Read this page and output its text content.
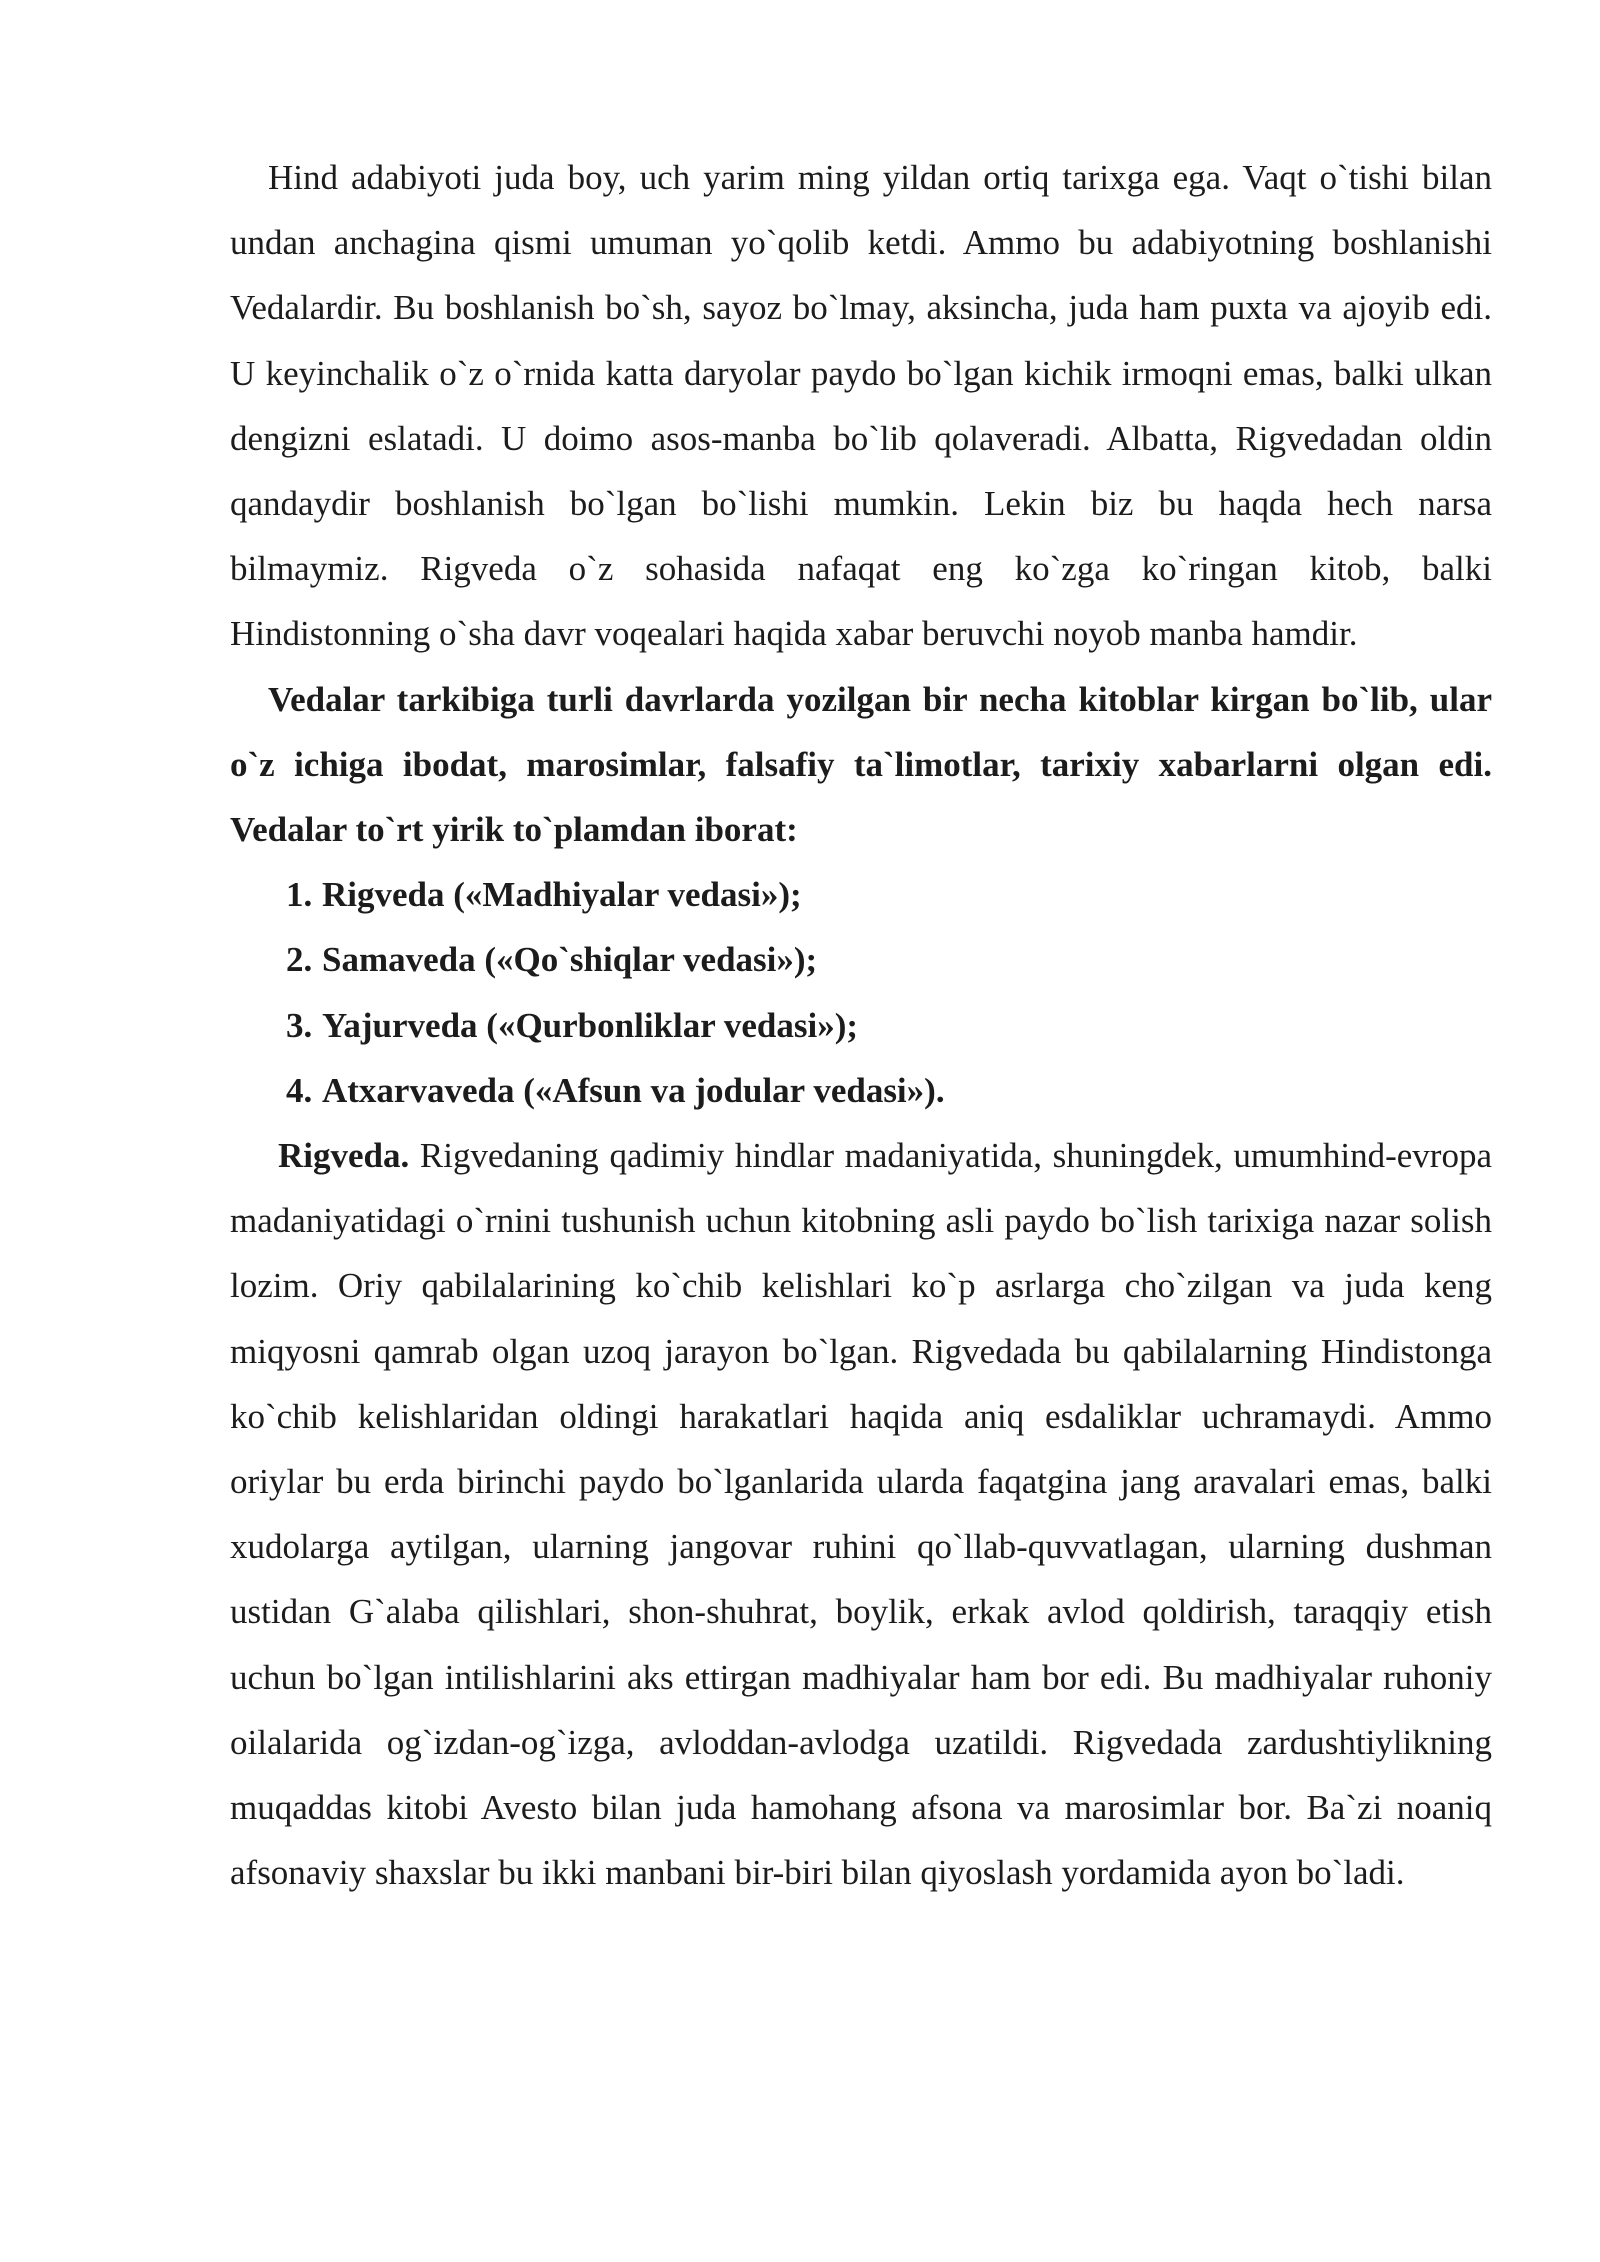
Hind adabiyoti juda boy, uch yarim ming yildan ortiq tarixga ega. Vaqt o`tishi bilan undan anchagina qismi umuman yo`qolib ketdi. Ammo bu adabiyotning boshlanishi Vedalardir. Bu boshlanish bo`sh, sayoz bo`lmay, aksincha, juda ham puxta va ajoyib edi. U keyinchalik o`z o`rnida katta daryolar paydo bo`lgan kichik irmoqni emas, balki ulkan dengizni eslatadi. U doimo asos-manba bo`lib qolaveradi. Albatta, Rigvedadan oldin qandaydir boshlanish bo`lgan bo`lishi mumkin. Lekin biz bu haqda hech narsa bilmaymiz. Rigveda o`z sohasida nafaqat eng ko`zga ko`ringan kitob, balki Hindistonning o`sha davr voqealari haqida xabar beruvchi noyob manba hamdir.

Vedalar tarkibiga turli davrlarda yozilgan bir necha kitoblar kirgan bo`lib, ular o`z ichiga ibodat, marosimlar, falsafiy ta`limotlar, tarixiy xabarlarni olgan edi. Vedalar to`rt yirik to`plamdan iborat:

1. Rigveda («Madhiyalar vedasi»);
2. Samaveda («Qo`shiqlar vedasi»);
3. Yajurveda («Qurbonliklar vedasi»);
4. Atxarvaveda («Afsun va jodular vedasi»).

Rigveda. Rigvedaning qadimiy hindlar madaniyatida, shuningdek, umumhind-evropa madaniyatidagi o`rnini tushunish uchun kitobning asli paydo bo`lish tarixiga nazar solish lozim. Oriy qabilalarining ko`chib kelishlari ko`p asrlarga cho`zilgan va juda keng miqyosni qamrab olgan uzoq jarayon bo`lgan. Rigvedada bu qabilalarning Hindistonga ko`chib kelishlaridan oldingi harakatlari haqida aniq esdaliklar uchramaydi. Ammo oriylar bu erda birinchi paydo bo`lganlarida ularda faqatgina jang aravalari emas, balki xudolarga aytilgan, ularning jangovar ruhini qo`llab-quvvatlagan, ularning dushman ustidan G`alaba qilishlari, shon-shuhrat, boylik, erkak avlod qoldirish, taraqqiy etish uchun bo`lgan intilishlarini aks ettirgan madhiyalar ham bor edi. Bu madhiyalar ruhoniy oilalarida og`izdan-og`izga, avloddan-avlodga uzatildi. Rigvedada zardushtiylikning muqaddas kitobi Avesto bilan juda hamohang afsona va marosimlar bor. Ba`zi noaniq afsonaviy shaxslar bu ikki manbani bir-biri bilan qiyoslash yordamida ayon bo`ladi.
